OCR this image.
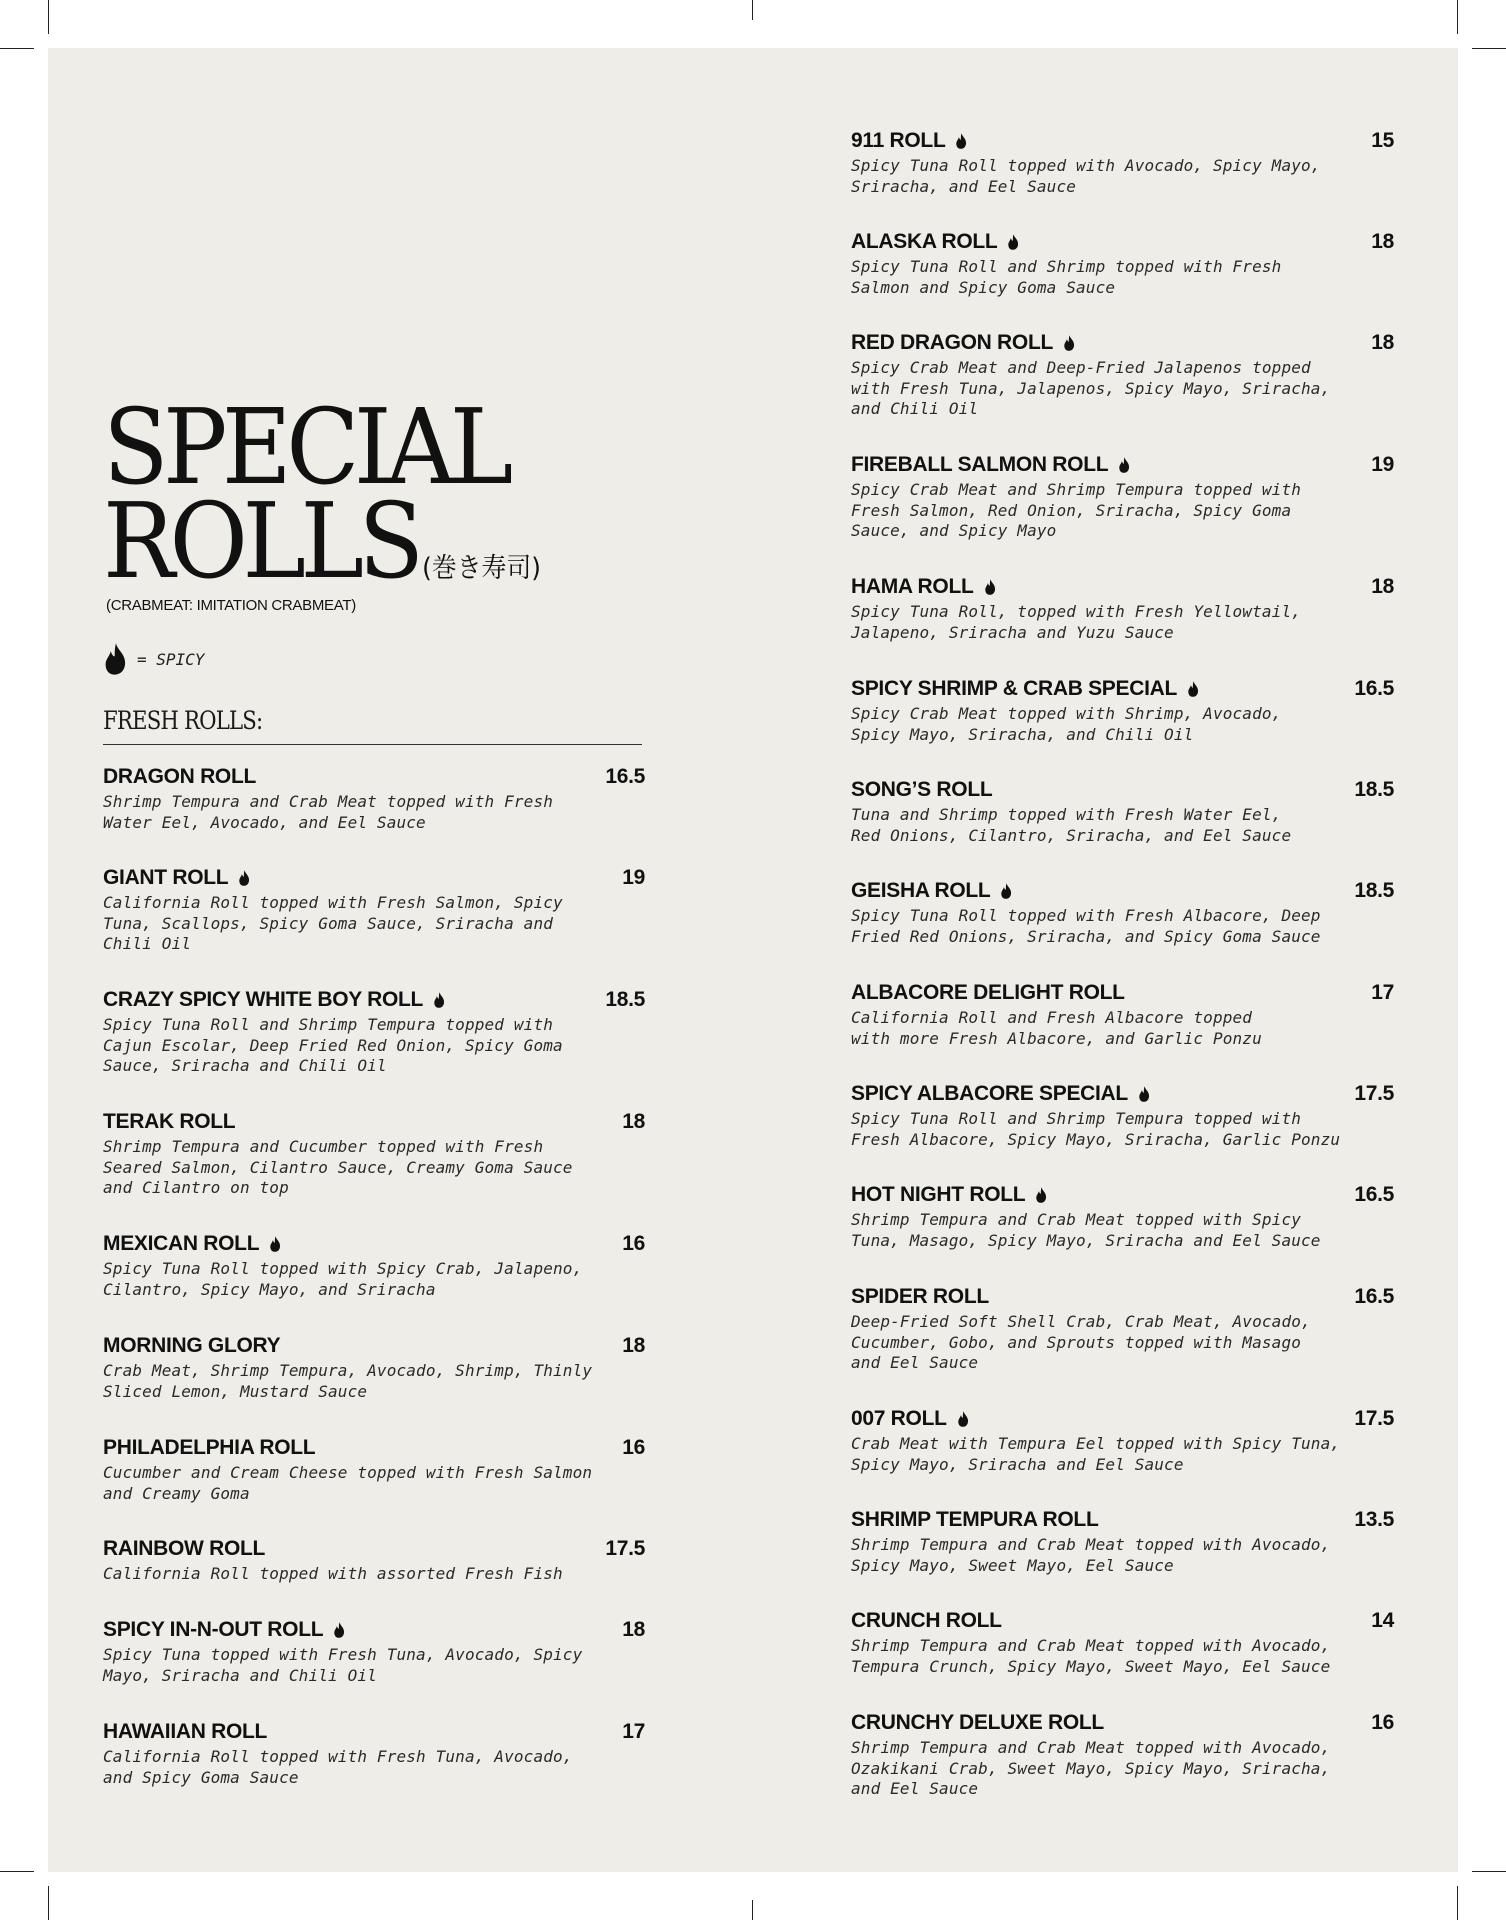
SPECIAL
ROLLS (巻き寿司)
(CRABMEAT: IMITATION CRABMEAT)
= SPICY
FRESH ROLLS:
DRAGON ROLL	16.5
Shrimp Tempura and Crab Meat topped with Fresh
Water Eel, Avocado, and Eel Sauce
GIANT ROLL	19
California Roll topped with Fresh Salmon, Spicy
Tuna, Scallops, Spicy Goma Sauce, Sriracha and
Chili Oil
CRAZY SPICY WHITE BOY ROLL	18.5
Spicy Tuna Roll and Shrimp Tempura topped with
Cajun Escolar, Deep Fried Red Onion, Spicy Goma
Sauce, Sriracha and Chili Oil
TERAK ROLL	18
Shrimp Tempura and Cucumber topped with Fresh
Seared Salmon, Cilantro Sauce, Creamy Goma Sauce
and Cilantro on top
MEXICAN ROLL	16
Spicy Tuna Roll topped with Spicy Crab, Jalapeno,
Cilantro, Spicy Mayo, and Sriracha
MORNING GLORY	18
Crab Meat, Shrimp Tempura, Avocado, Shrimp, Thinly
Sliced Lemon, Mustard Sauce
PHILADELPHIA ROLL	16
Cucumber and Cream Cheese topped with Fresh Salmon
and Creamy Goma
RAINBOW ROLL	17.5
California Roll topped with assorted Fresh Fish
SPICY IN-N-OUT ROLL	18
Spicy Tuna topped with Fresh Tuna, Avocado, Spicy
Mayo, Sriracha and Chili Oil
HAWAIIAN ROLL	17
California Roll topped with Fresh Tuna, Avocado,
and Spicy Goma Sauce
911 ROLL	15
Spicy Tuna Roll topped with Avocado, Spicy Mayo,
Sriracha, and Eel Sauce
ALASKA ROLL	18
Spicy Tuna Roll and Shrimp topped with Fresh
Salmon and Spicy Goma Sauce
RED DRAGON ROLL	18
Spicy Crab Meat and Deep-Fried Jalapenos topped
with Fresh Tuna, Jalapenos, Spicy Mayo, Sriracha,
and Chili Oil
FIREBALL SALMON ROLL	19
Spicy Crab Meat and Shrimp Tempura topped with
Fresh Salmon, Red Onion, Sriracha, Spicy Goma
Sauce, and Spicy Mayo
HAMA ROLL	18
Spicy Tuna Roll, topped with Fresh Yellowtail,
Jalapeno, Sriracha and Yuzu Sauce
SPICY SHRIMP & CRAB SPECIAL	16.5
Spicy Crab Meat topped with Shrimp, Avocado,
Spicy Mayo, Sriracha, and Chili Oil
SONG’S ROLL	18.5
Tuna and Shrimp topped with Fresh Water Eel,
Red Onions, Cilantro, Sriracha, and Eel Sauce
GEISHA ROLL	18.5
Spicy Tuna Roll topped with Fresh Albacore, Deep
Fried Red Onions, Sriracha, and Spicy Goma Sauce
ALBACORE DELIGHT ROLL	17
California Roll and Fresh Albacore topped
with more Fresh Albacore, and Garlic Ponzu
SPICY ALBACORE SPECIAL	17.5
Spicy Tuna Roll and Shrimp Tempura topped with
Fresh Albacore, Spicy Mayo, Sriracha, Garlic Ponzu
HOT NIGHT ROLL	16.5
Shrimp Tempura and Crab Meat topped with Spicy
Tuna, Masago, Spicy Mayo, Sriracha and Eel Sauce
SPIDER ROLL	16.5
Deep-Fried Soft Shell Crab, Crab Meat, Avocado,
Cucumber, Gobo, and Sprouts topped with Masago
and Eel Sauce
007 ROLL	17.5
Crab Meat with Tempura Eel topped with Spicy Tuna,
Spicy Mayo, Sriracha and Eel Sauce
SHRIMP TEMPURA ROLL	13.5
Shrimp Tempura and Crab Meat topped with Avocado,
Spicy Mayo, Sweet Mayo, Eel Sauce
CRUNCH ROLL	14
Shrimp Tempura and Crab Meat topped with Avocado,
Tempura Crunch, Spicy Mayo, Sweet Mayo, Eel Sauce
CRUNCHY DELUXE ROLL	16
Shrimp Tempura and Crab Meat topped with Avocado,
Ozakikani Crab, Sweet Mayo, Spicy Mayo, Sriracha,
and Eel Sauce
